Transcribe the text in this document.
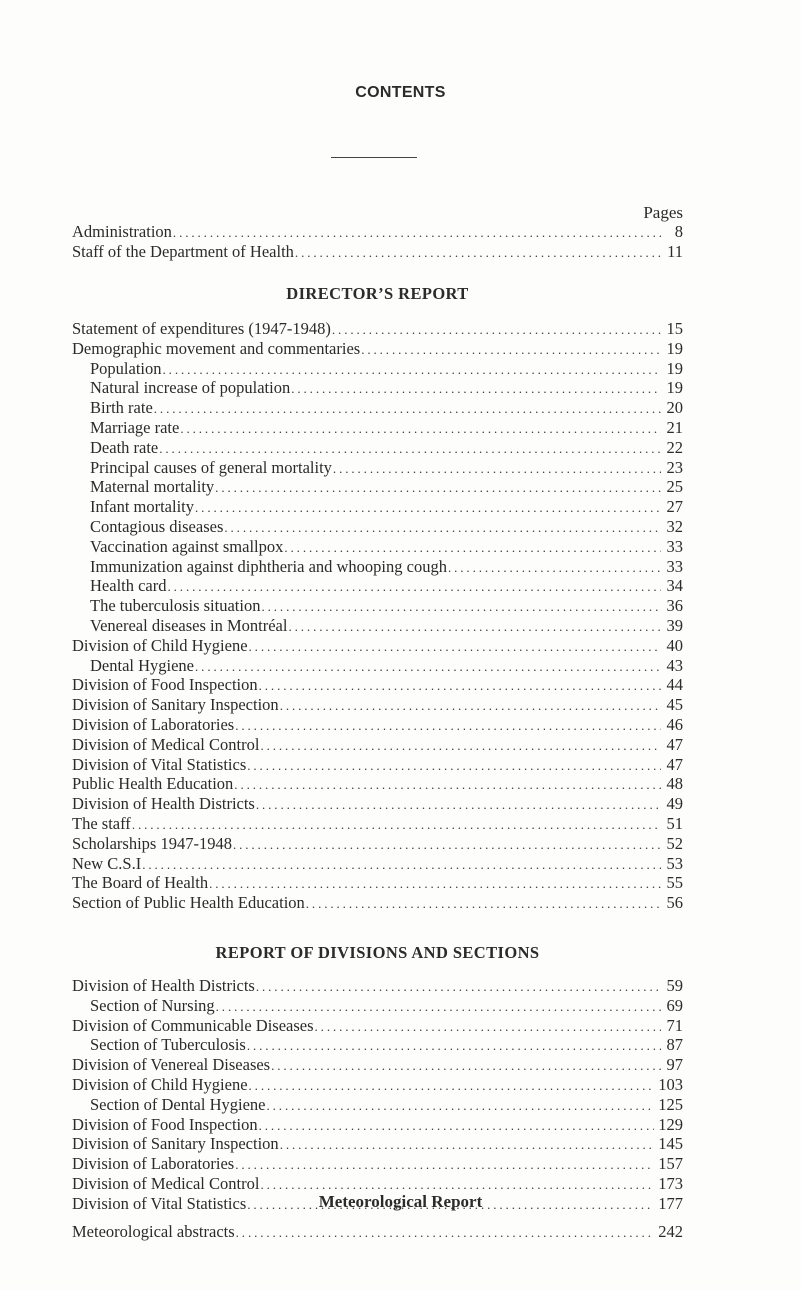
CONTENTS
Pages
Administration .....	8
Staff of the Department of Health .....	11
DIRECTOR’S REPORT
Statement of expenditures (1947-1948) .....	15
Demographic movement and commentaries .....	19
Population .....	19
Natural increase of population .....	19
Birth rate .....	20
Marriage rate .....	21
Death rate .....	22
Principal causes of general mortality .....	23
Maternal mortality .....	25
Infant mortality .....	27
Contagious diseases .....	32
Vaccination against smallpox .....	33
Immunization against diphtheria and whooping cough .....	33
Health card .....	34
The tuberculosis situation .....	36
Venereal diseases in Montréal .....	39
Division of Child Hygiene .....	40
Dental Hygiene .....	43
Division of Food Inspection .....	44
Division of Sanitary Inspection .....	45
Division of Laboratories .....	46
Division of Medical Control .....	47
Division of Vital Statistics .....	47
Public Health Education .....	48
Division of Health Districts .....	49
The staff .....	51
Scholarships 1947-1948 .....	52
New C.S.I .....	53
The Board of Health .....	55
Section of Public Health Education .....	56
REPORT OF DIVISIONS AND SECTIONS
Division of Health Districts .....	59
Section of Nursing .....	69
Division of Communicable Diseases .....	71
Section of Tuberculosis .....	87
Division of Venereal Diseases .....	97
Division of Child Hygiene .....	103
Section of Dental Hygiene .....	125
Division of Food Inspection .....	129
Division of Sanitary Inspection .....	145
Division of Laboratories .....	157
Division of Medical Control .....	173
Division of Vital Statistics .....	177
Meteorological Report
Meteorological abstracts .....	242
